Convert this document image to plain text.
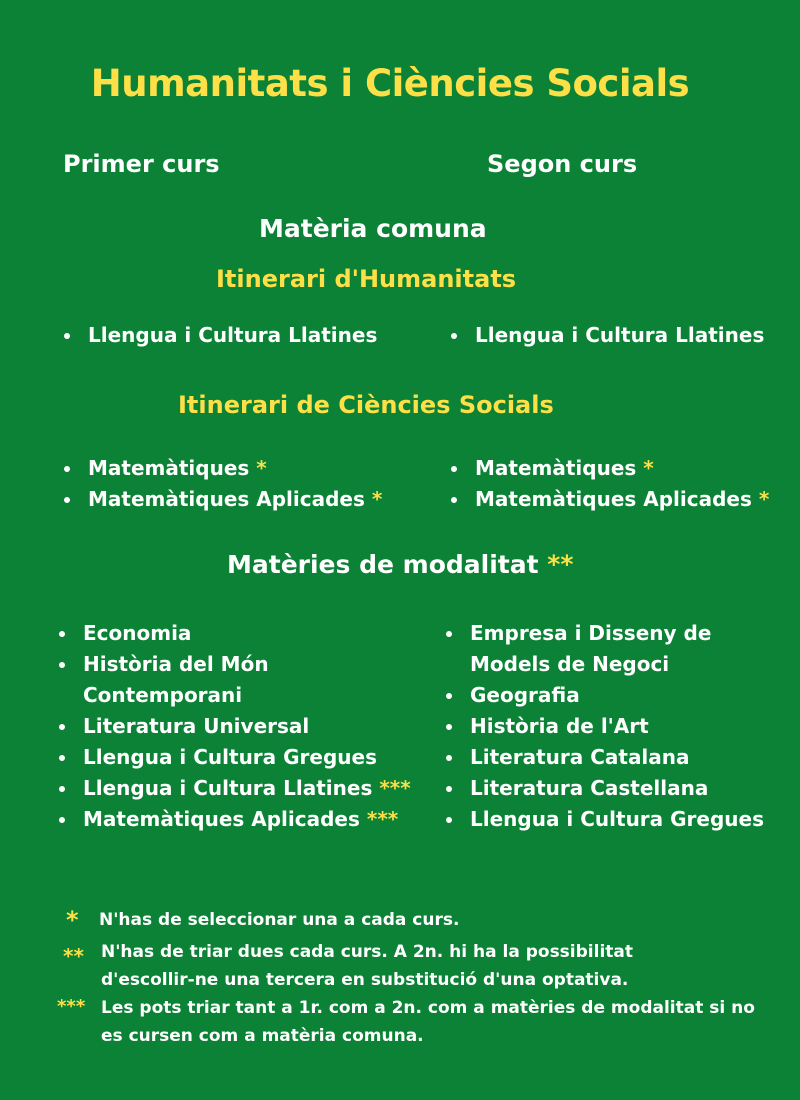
Humanitats i Ciències Socials
Primer curs	Segon curs
Matèria comuna
Itinerari d'Humanitats
Llengua i Cultura Llatines	Llengua i Cultura Llatines
Itinerari de Ciències Socials
Matemàtiques *
Matemàtiques Aplicades *
Matemàtiques *
Matemàtiques Aplicades *
Matèries de modalitat **
Economia
Història del Món Contemporani
Literatura Universal
Llengua i Cultura Gregues
Llengua i Cultura Llatines ***
Matemàtiques Aplicades ***
Empresa i Disseny de Models de Negoci
Geografia
Història de l'Art
Literatura Catalana
Literatura Castellana
Llengua i Cultura Gregues
* N'has de seleccionar una a cada curs.
** N'has de triar dues cada curs. A 2n. hi ha la possibilitat d'escollir-ne una tercera en substitució d'una optativa.
*** Les pots triar tant a 1r. com a 2n. com a matèries de modalitat si no es cursen com a matèria comuna.
